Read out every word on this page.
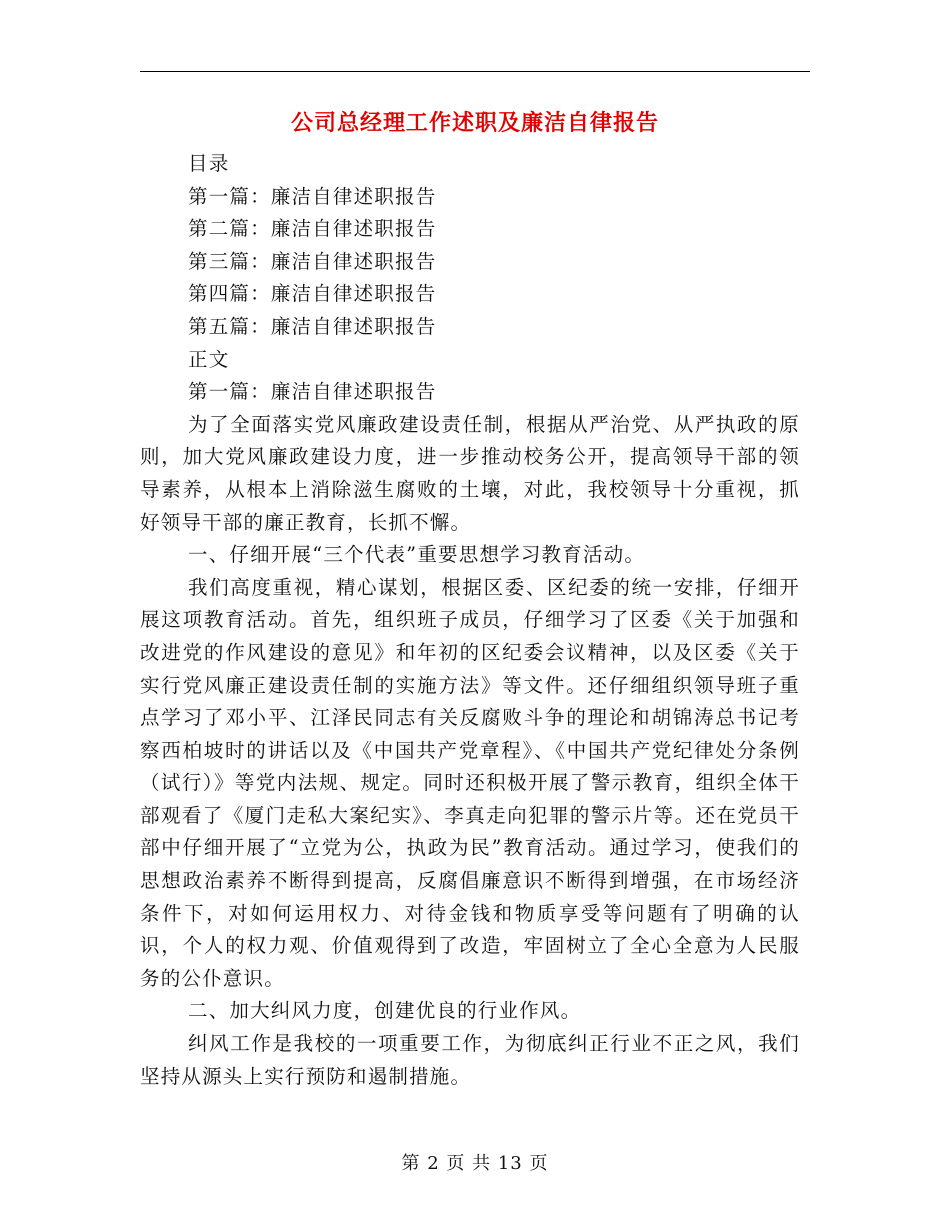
公司总经理工作述职及廉洁自律报告

目录

第一篇：廉洁自律述职报告

第二篇：廉洁自律述职报告

第三篇：廉洁自律述职报告

第四篇：廉洁自律述职报告

第五篇：廉洁自律述职报告

正文

第一篇：廉洁自律述职报告

为了全面落实党风廉政建设责任制，根据从严治党、从严执政的原则，加大党风廉政建设力度，进一步推动校务公开，提高领导干部的领导素养，从根本上消除滋生腐败的土壤，对此，我校领导十分重视，抓好领导干部的廉正教育，长抓不懈。

一、仔细开展“三个代表”重要思想学习教育活动。

我们高度重视，精心谋划，根据区委、区纪委的统一安排，仔细开展这项教育活动。首先，组织班子成员，仔细学习了区委《关于加强和改进党的作风建设的意见》和年初的区纪委会议精神，以及区委《关于实行党风廉正建设责任制的实施方法》等文件。还仔细组织领导班子重点学习了邓小平、江泽民同志有关反腐败斗争的理论和胡锦涛总书记考察西柏坡时的讲话以及《中国共产党章程》、《中国共产党纪律处分条例（试行）》等党内法规、规定。同时还积极开展了警示教育，组织全体干部观看了《厦门走私大案纪实》、李真走向犯罪的警示片等。还在党员干部中仔细开展了“立党为公，执政为民”教育活动。通过学习，使我们的思想政治素养不断得到提高，反腐倡廉意识不断得到增强，在市场经济条件下，对如何运用权力、对待金钱和物质享受等问题有了明确的认识，个人的权力观、价值观得到了改造，牢固树立了全心全意为人民服务的公仆意识。

二、加大纠风力度，创建优良的行业作风。

纠风工作是我校的一项重要工作，为彻底纠正行业不正之风，我们坚持从源头上实行预防和遏制措施。

第 2 页 共 13 页
